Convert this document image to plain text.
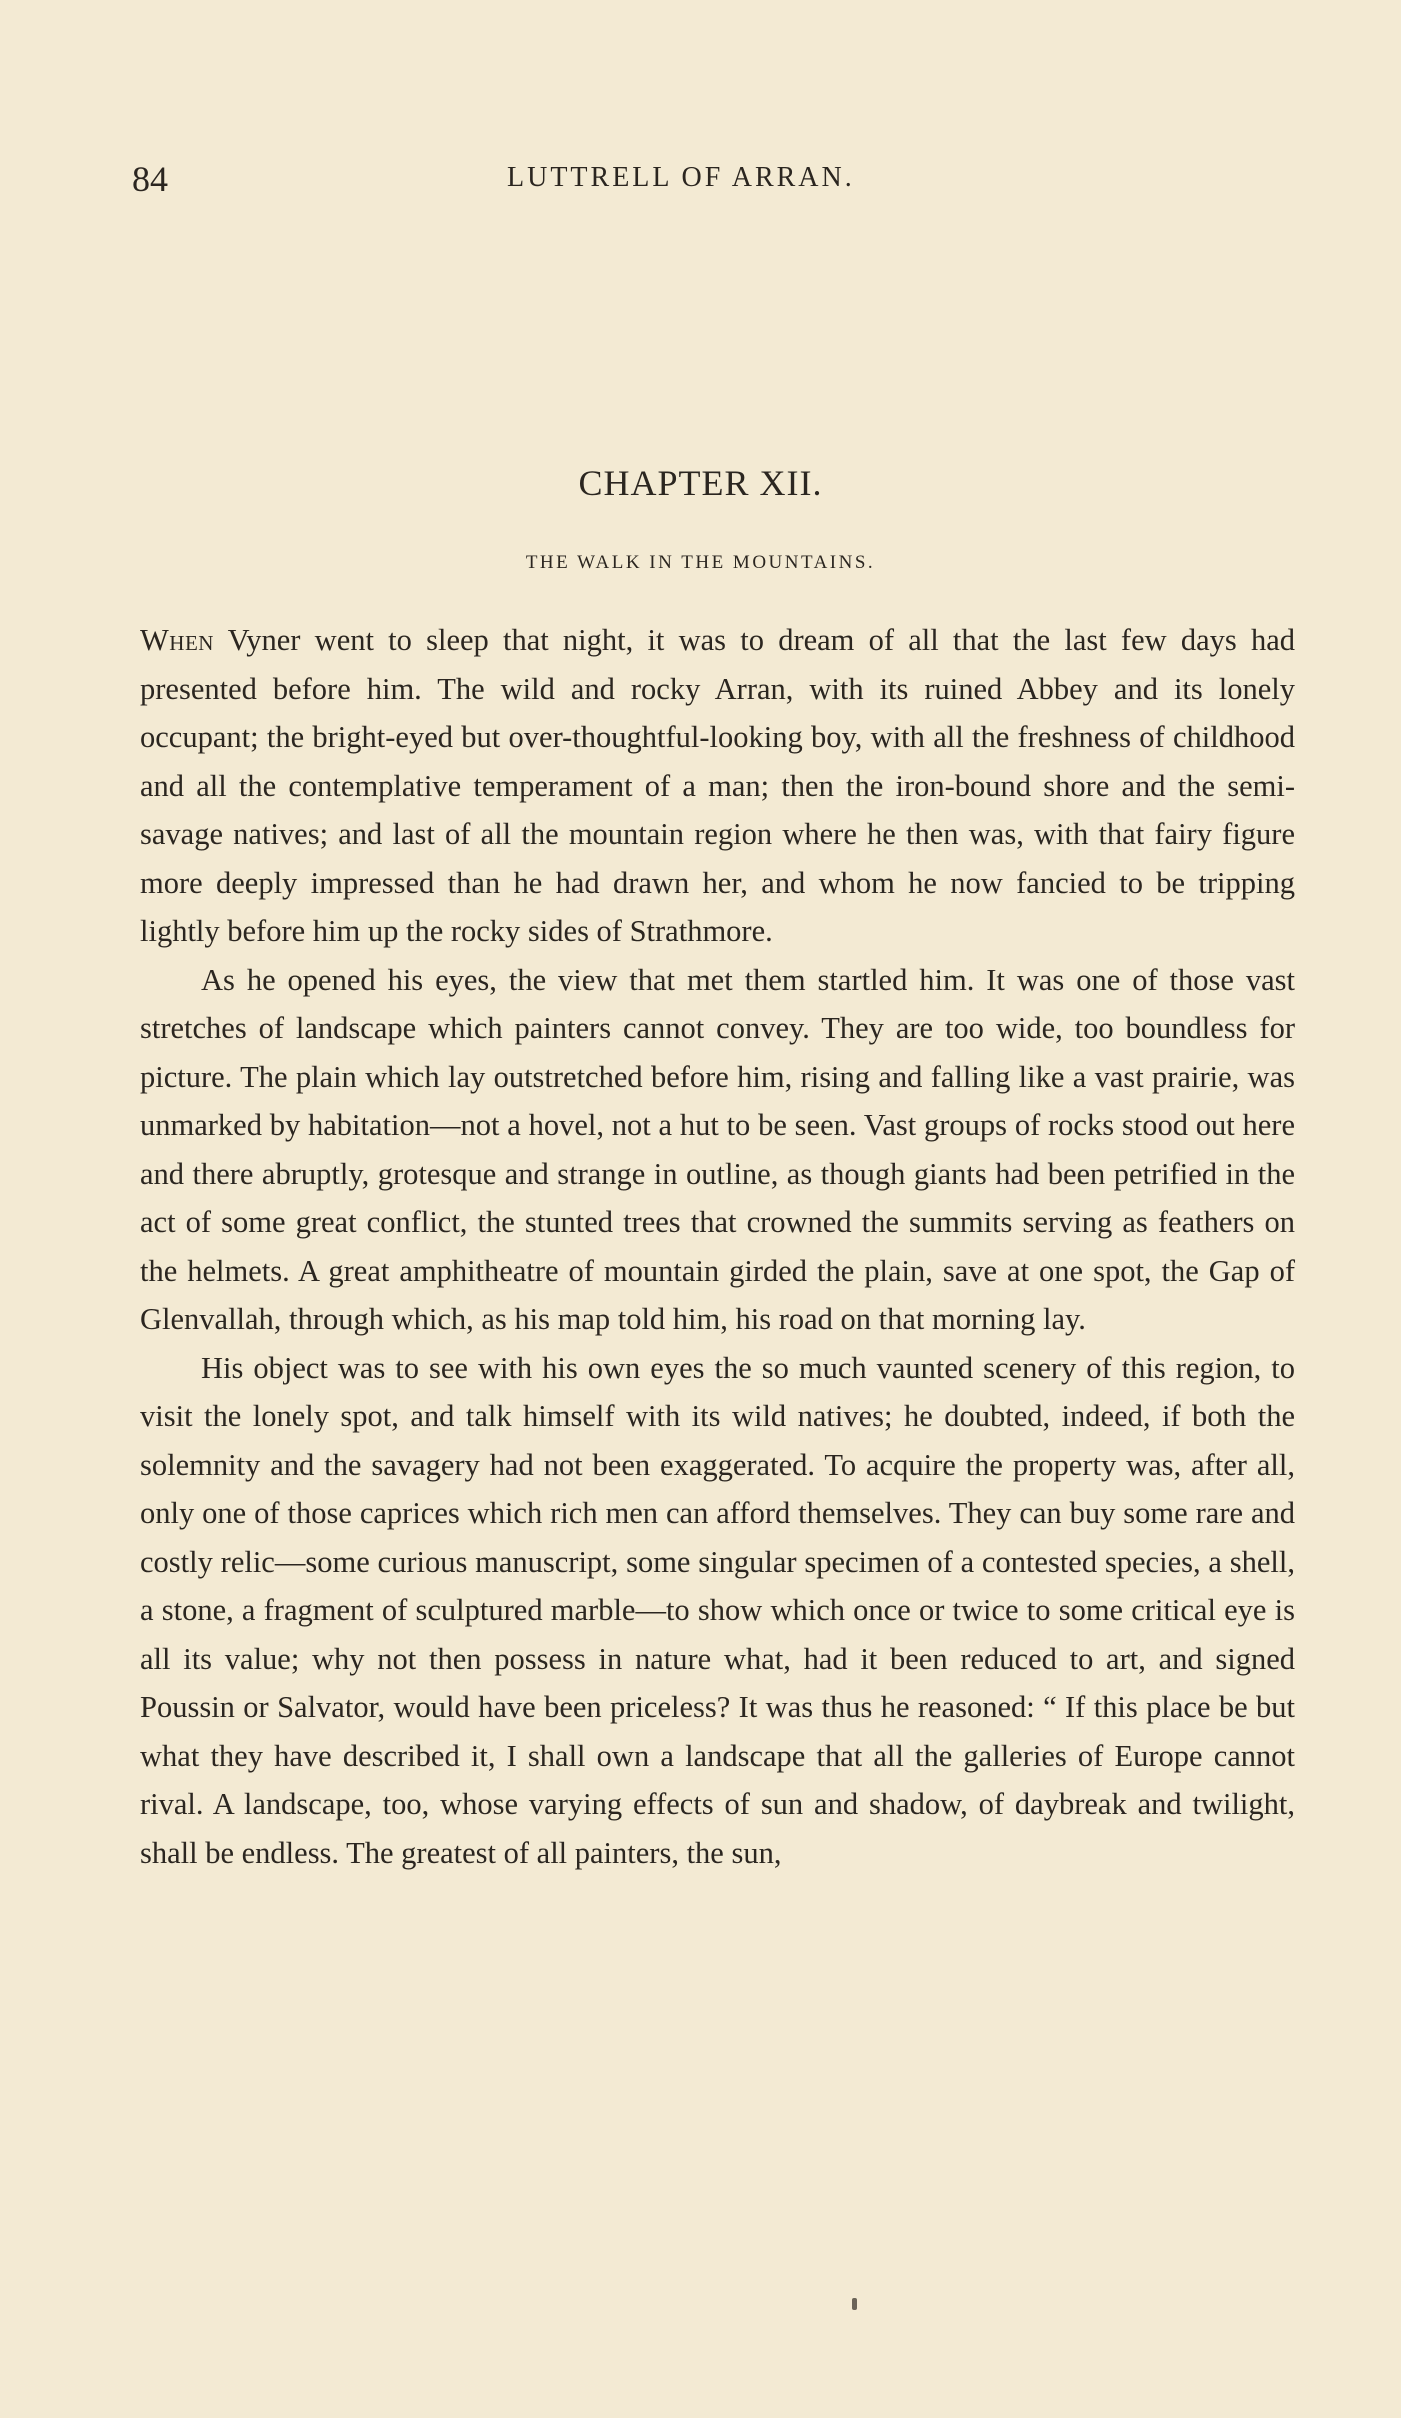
84	LUTTRELL OF ARRAN.
CHAPTER XII.
THE WALK IN THE MOUNTAINS.

When Vyner went to sleep that night, it was to dream of all that the last few days had presented before him. The wild and rocky Arran, with its ruined Abbey and its lonely occupant; the bright-eyed but over-thoughtful-looking boy, with all the freshness of childhood and all the contemplative temperament of a man; then the iron-bound shore and the semi-savage natives; and last of all the mountain region where he then was, with that fairy figure more deeply impressed than he had drawn her, and whom he now fancied to be tripping lightly before him up the rocky sides of Strathmore.

As he opened his eyes, the view that met them startled him. It was one of those vast stretches of landscape which painters cannot convey. They are too wide, too boundless for picture. The plain which lay outstretched before him, rising and falling like a vast prairie, was unmarked by habitation—not a hovel, not a hut to be seen. Vast groups of rocks stood out here and there abruptly, grotesque and strange in outline, as though giants had been petrified in the act of some great conflict, the stunted trees that crowned the summits serving as feathers on the helmets. A great amphitheatre of mountain girded the plain, save at one spot, the Gap of Glenvallah, through which, as his map told him, his road on that morning lay.

His object was to see with his own eyes the so much vaunted scenery of this region, to visit the lonely spot, and talk himself with its wild natives; he doubted, indeed, if both the solemnity and the savagery had not been exaggerated. To acquire the property was, after all, only one of those caprices which rich men can afford themselves. They can buy some rare and costly relic—some curious manuscript, some singular specimen of a contested species, a shell, a stone, a fragment of sculptured marble—to show which once or twice to some critical eye is all its value; why not then possess in nature what, had it been reduced to art, and signed Poussin or Salvator, would have been priceless? It was thus he reasoned: “ If this place be but what they have described it, I shall own a landscape that all the galleries of Europe cannot rival. A landscape, too, whose varying effects of sun and shadow, of daybreak and twilight, shall be endless. The greatest of all painters, the sun,
